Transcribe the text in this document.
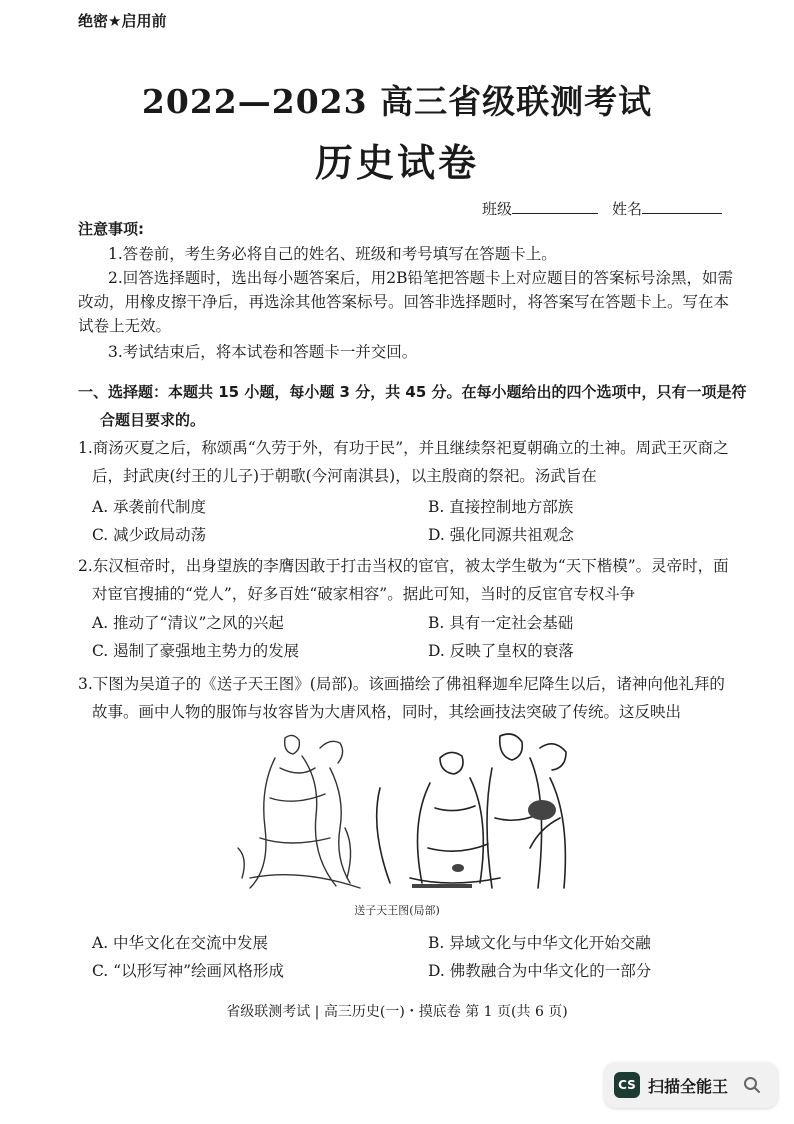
绝密★启用前
2022—2023 高三省级联测考试
历史试卷
班级	姓名
注意事项:
1.答卷前，考生务必将自己的姓名、班级和考号填写在答题卡上。
2.回答选择题时，选出每小题答案后，用2B铅笔把答题卡上对应题目的答案标号涂黑，如需
改动，用橡皮擦干净后，再选涂其他答案标号。回答非选择题时，将答案写在答题卡上。写在本
试卷上无效。
3.考试结束后，将本试卷和答题卡一并交回。
一、选择题：本题共 15 小题，每小题 3 分，共 45 分。在每小题给出的四个选项中，只有一项是符
合题目要求的。
1.商汤灭夏之后，称颂禹“久劳于外，有功于民”，并且继续祭祀夏朝确立的土神。周武王灭商之
后，封武庚(纣王的儿子)于朝歌(今河南淇县)，以主殷商的祭祀。汤武旨在
A. 承袭前代制度	B. 直接控制地方部族
C. 减少政局动荡	D. 强化同源共祖观念
2.东汉桓帝时，出身望族的李膺因敢于打击当权的宦官，被太学生敬为“天下楷模”。灵帝时，面
对宦官搜捕的“党人”，好多百姓“破家相容”。据此可知，当时的反宦官专权斗争
A. 推动了“清议”之风的兴起	B. 具有一定社会基础
C. 遏制了豪强地主势力的发展	D. 反映了皇权的衰落
3.下图为吴道子的《送子天王图》(局部)。该画描绘了佛祖释迦牟尼降生以后，诸神向他礼拜的
故事。画中人物的服饰与妆容皆为大唐风格，同时，其绘画技法突破了传统。这反映出
送子天王图(局部)
A. 中华文化在交流中发展	B. 异域文化与中华文化开始交融
C. “以形写神”绘画风格形成	D. 佛教融合为中华文化的一部分
省级联测考试 | 高三历史(一)・摸底卷 第 1 页(共 6 页)
CS 扫描全能王
